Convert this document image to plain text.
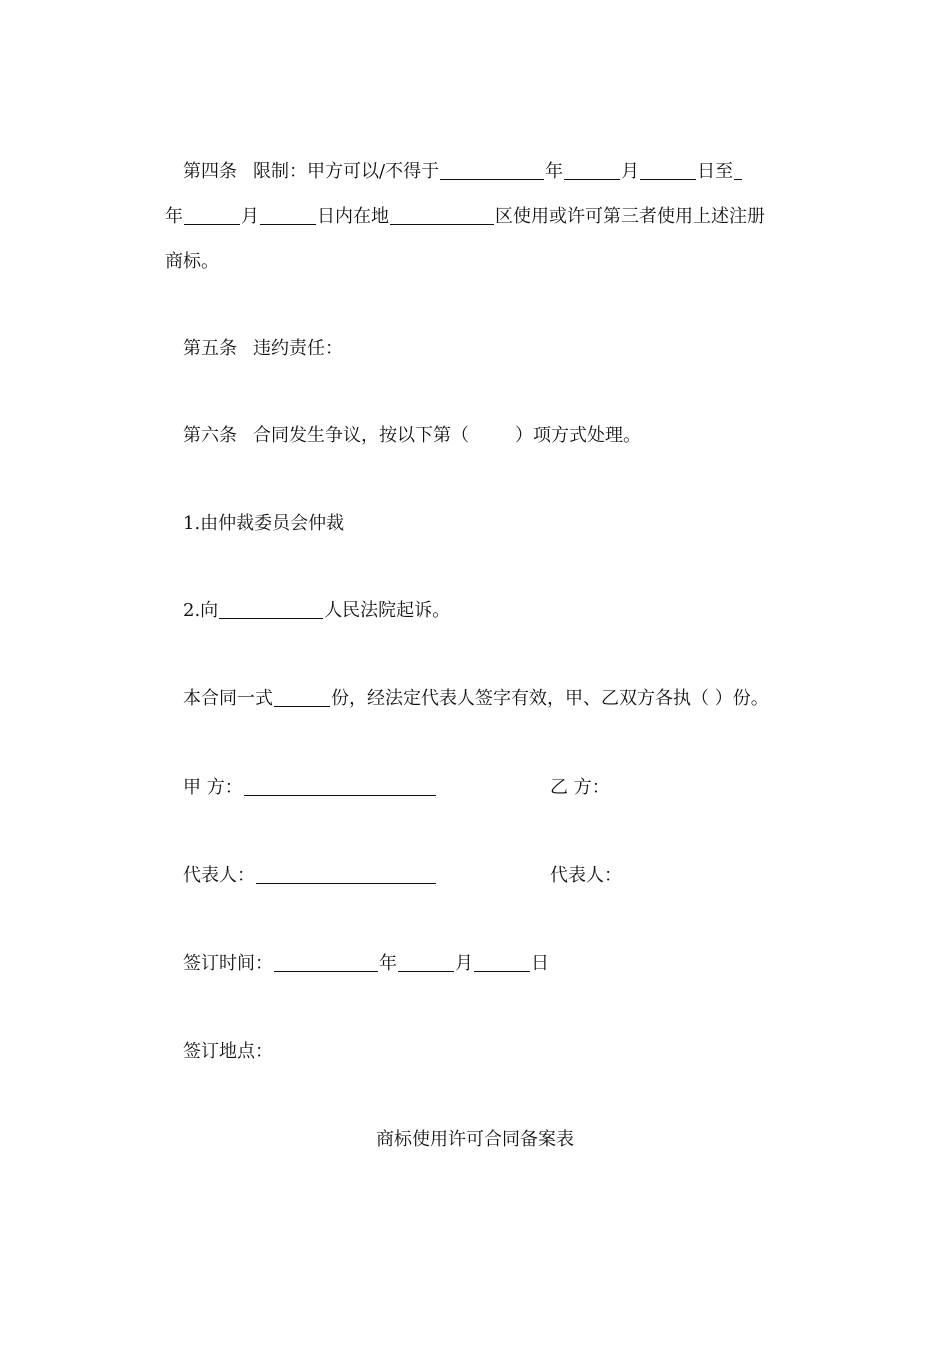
第四条 限制：甲方可以/不得于	年	月	日至
年	月	日内在地	区使用或许可第三者使用上述注册
商标。
第五条 违约责任：
第六条 合同发生争议，按以下第（	）项方式处理。
1.由仲裁委员会仲裁
2.向	人民法院起诉。
本合同一式	份，经法定代表人签字有效，甲、乙双方各执（ ）份。
甲 方：	乙 方：
代表人：	代表人：
签订时间：	年	月	日
签订地点：
商标使用许可合同备案表
